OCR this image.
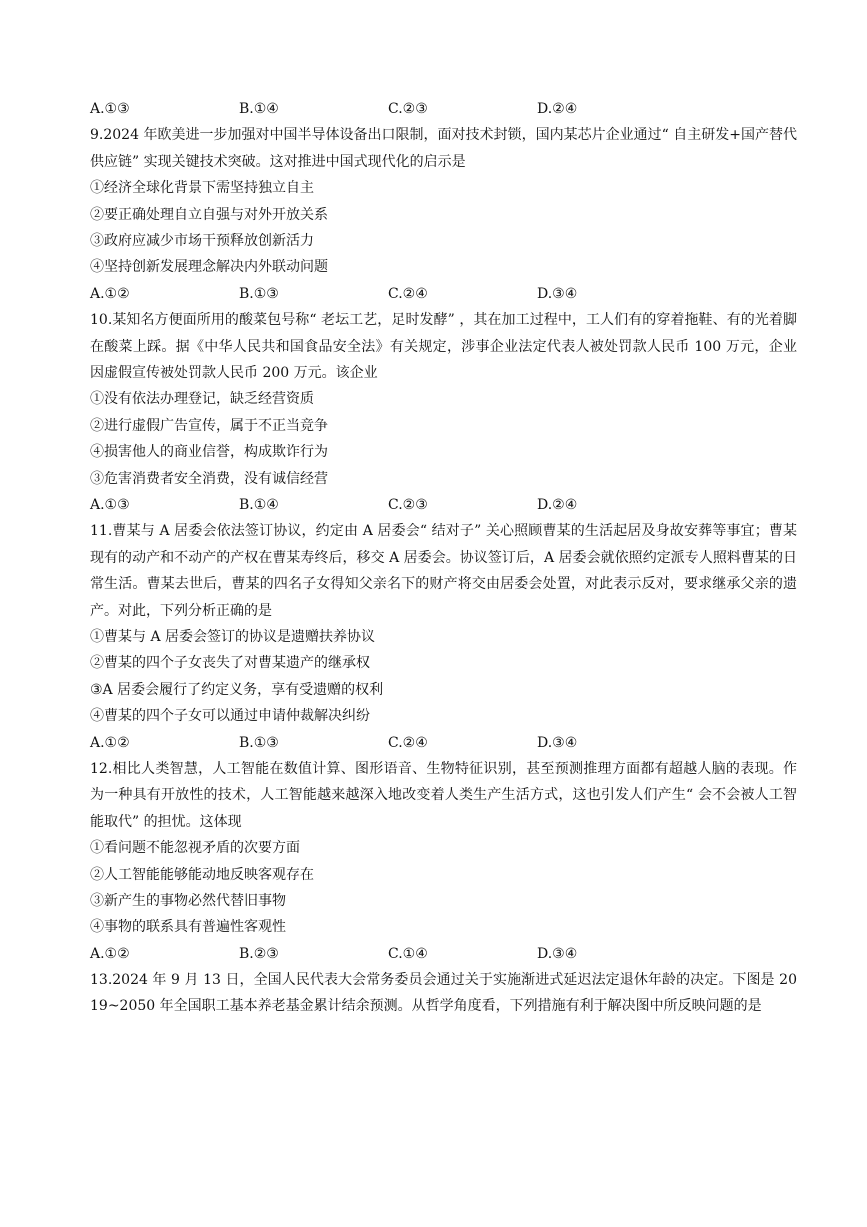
A.①③	B.①④	C.②③	D.②④
9.2024 年欧美进一步加强对中国半导体设备出口限制，面对技术封锁，国内某芯片企业通过“ 自主研发+国产替代供应链” 实现关键技术突破。这对推进中国式现代化的启示是
①经济全球化背景下需坚持独立自主
②要正确处理自立自强与对外开放关系
③政府应减少市场干预释放创新活力
④坚持创新发展理念解决内外联动问题
A.①②	B.①③	C.②④	D.③④
10.某知名方便面所用的酸菜包号称“ 老坛工艺，足时发酵” ，其在加工过程中，工人们有的穿着拖鞋、有的光着脚在酸菜上踩。据《中华人民共和国食品安全法》有关规定，涉事企业法定代表人被处罚款人民币 100 万元，企业因虚假宣传被处罚款人民币 200 万元。该企业
①没有依法办理登记，缺乏经营资质
②进行虚假广告宣传，属于不正当竞争
④损害他人的商业信誉，构成欺诈行为
③危害消费者安全消费，没有诚信经营
A.①③	B.①④	C.②③	D.②④
11.曹某与 A 居委会依法签订协议，约定由 A 居委会“ 结对子” 关心照顾曹某的生活起居及身故安葬等事宜；曹某现有的动产和不动产的产权在曹某寿终后，移交 A 居委会。协议签订后，A 居委会就依照约定派专人照料曹某的日常生活。曹某去世后，曹某的四名子女得知父亲名下的财产将交由居委会处置，对此表示反对，要求继承父亲的遗产。对此，下列分析正确的是
①曹某与 A 居委会签订的协议是遗赠扶养协议
②曹某的四个子女丧失了对曹某遗产的继承权
③A 居委会履行了约定义务，享有受遗赠的权利
④曹某的四个子女可以通过申请仲裁解决纠纷
A.①②	B.①③	C.②④	D.③④
12.相比人类智慧，人工智能在数值计算、图形语音、生物特征识别，甚至预测推理方面都有超越人脑的表现。作为一种具有开放性的技术，人工智能越来越深入地改变着人类生产生活方式，这也引发人们产生“ 会不会被人工智能取代” 的担忧。这体现
①看问题不能忽视矛盾的次要方面
②人工智能能够能动地反映客观存在
③新产生的事物必然代替旧事物
④事物的联系具有普遍性客观性
A.①②	B.②③	C.①④	D.③④
13.2024 年 9 月 13 日，全国人民代表大会常务委员会通过关于实施渐进式延迟法定退休年龄的决定。下图是 2019~2050 年全国职工基本养老基金累计结余预测。从哲学角度看，下列措施有利于解决图中所反映问题的是
